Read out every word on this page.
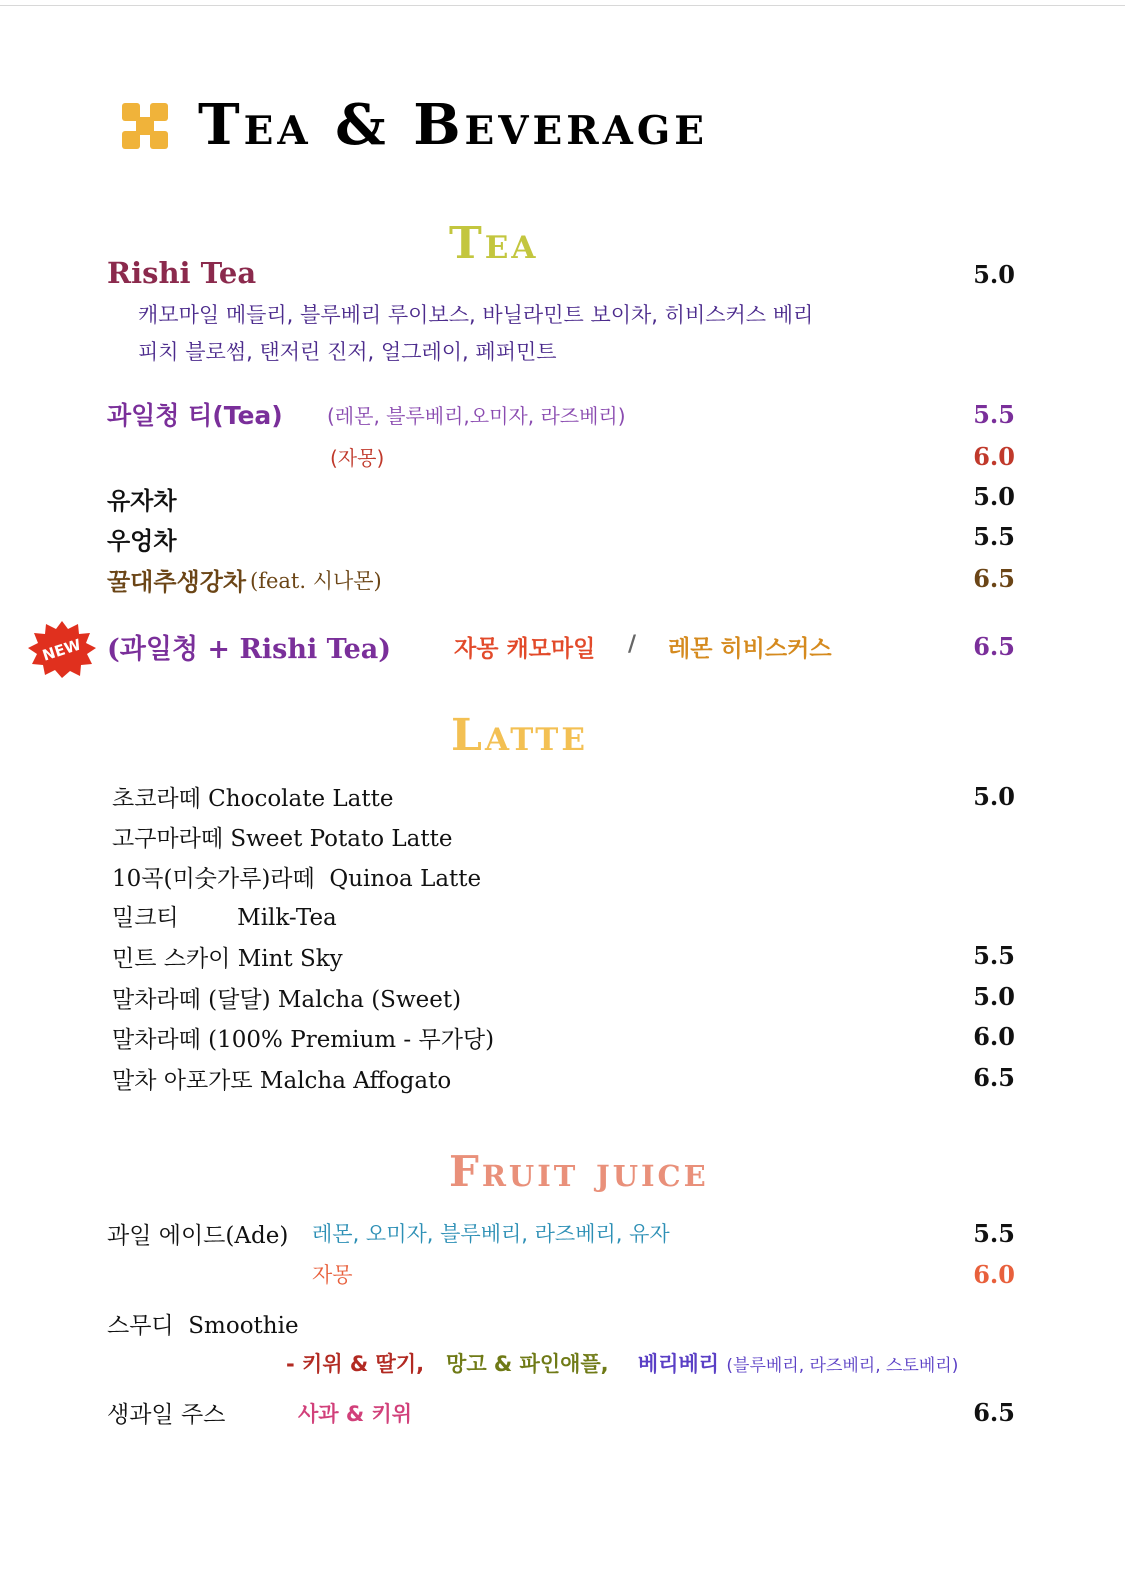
Tea & Beverage
Tea
Rishi Tea	5.0
캐모마일 메들리, 블루베리 루이보스, 바닐라민트 보이차, 히비스커스 베리
피치 블로썸, 탠저린 진저, 얼그레이, 페퍼민트
과일청 티(Tea) (레몬, 블루베리,오미자, 라즈베리)	5.5
(자몽)	6.0
유자차	5.0
우엉차	5.5
꿀대추생강차 (feat. 시나몬)	6.5
NEW (과일청 + Rishi Tea)	자몽 캐모마일 / 레몬 히비스커스	6.5
Latte
초코라떼 Chocolate Latte	5.0
고구마라떼 Sweet Potato Latte
10곡(미숫가루)라떼  Quinoa Latte
밀크티        Milk-Tea
민트 스카이 Mint Sky	5.5
말차라떼 (달달) Malcha (Sweet)	5.0
말차라떼 (100% Premium - 무가당)	6.0
말차 아포가또 Malcha Affogato	6.5
Fruit juice
과일 에이드(Ade) 레몬, 오미자, 블루베리, 라즈베리, 유자	5.5
자몽	6.0
스무디  Smoothie
- 키위 & 딸기, 망고 & 파인애플, 베리베리 (블루베리, 라즈베리, 스토베리)
생과일 주스	사과 & 키위	6.5
